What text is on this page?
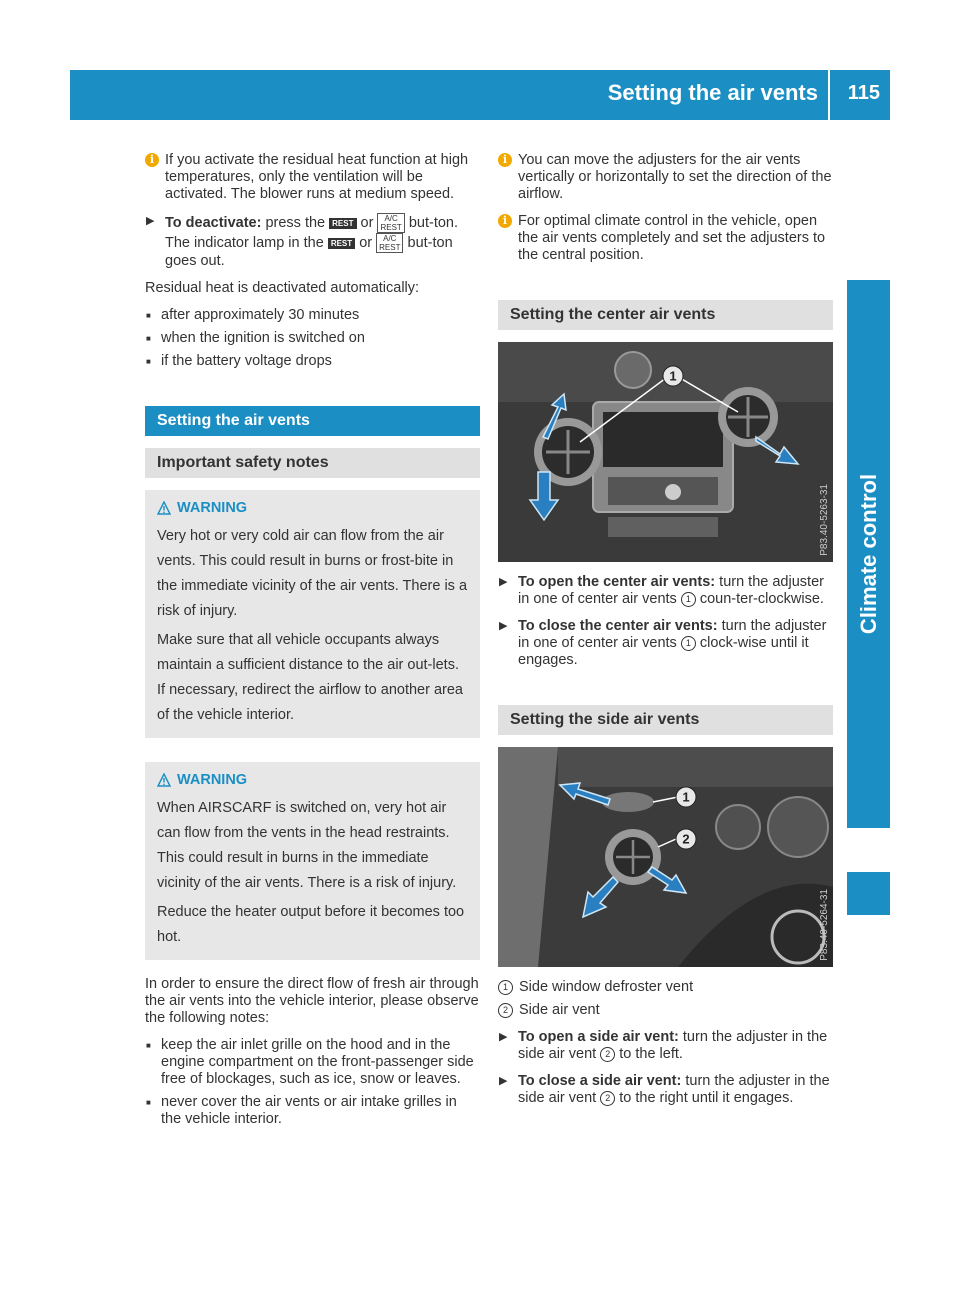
Setting the air vents 115
Climate control

i If you activate the residual heat function at high temperatures, only the ventilation will be activated. The blower runs at medium speed.

▶ To deactivate: press the REST or A/C
REST but-ton.
The indicator lamp in the REST or A/C
REST but-ton goes out.

Residual heat is deactivated automatically:

■ after approximately 30 minutes
■ when the ignition is switched on
■ if the battery voltage drops
Setting the air vents
Important safety notes
WARNING

Very hot or very cold air can flow from the air vents. This could result in burns or frost-bite in the immediate vicinity of the air vents. There is a risk of injury.

Make sure that all vehicle occupants always maintain a sufficient distance to the air out-lets. If necessary, redirect the airflow to another area of the vehicle interior.

WARNING

When AIRSCARF is switched on, very hot air can flow from the vents in the head restraints. This could result in burns in the immediate vicinity of the air vents. There is a risk of injury.

Reduce the heater output before it becomes too hot.

In order to ensure the direct flow of fresh air through the air vents into the vehicle interior, please observe the following notes:

■ keep the air inlet grille on the hood and in the engine compartment on the front-passenger side free of blockages, such as ice, snow or leaves.
■ never cover the air vents or air intake grilles in the vehicle interior.

i You can move the adjusters for the air vents vertically or horizontally to set the direction of the airflow.

i For optimal climate control in the vehicle, open the air vents completely and set the adjusters to the central position.

Setting the center air vents
1
P83.40-5263-31

▶ To open the center air vents: turn the adjuster in one of center air vents 1 coun-ter-clockwise.

▶ To close the center air vents: turn the adjuster in one of center air vents 1 clock-wise until it engages.

Setting the side air vents
1
2
P83.40-5264-31

1 Side window defroster vent

2 Side air vent

▶ To open a side air vent: turn the adjuster in the side air vent 2 to the left.

▶ To close a side air vent: turn the adjuster in the side air vent 2 to the right until it engages.
